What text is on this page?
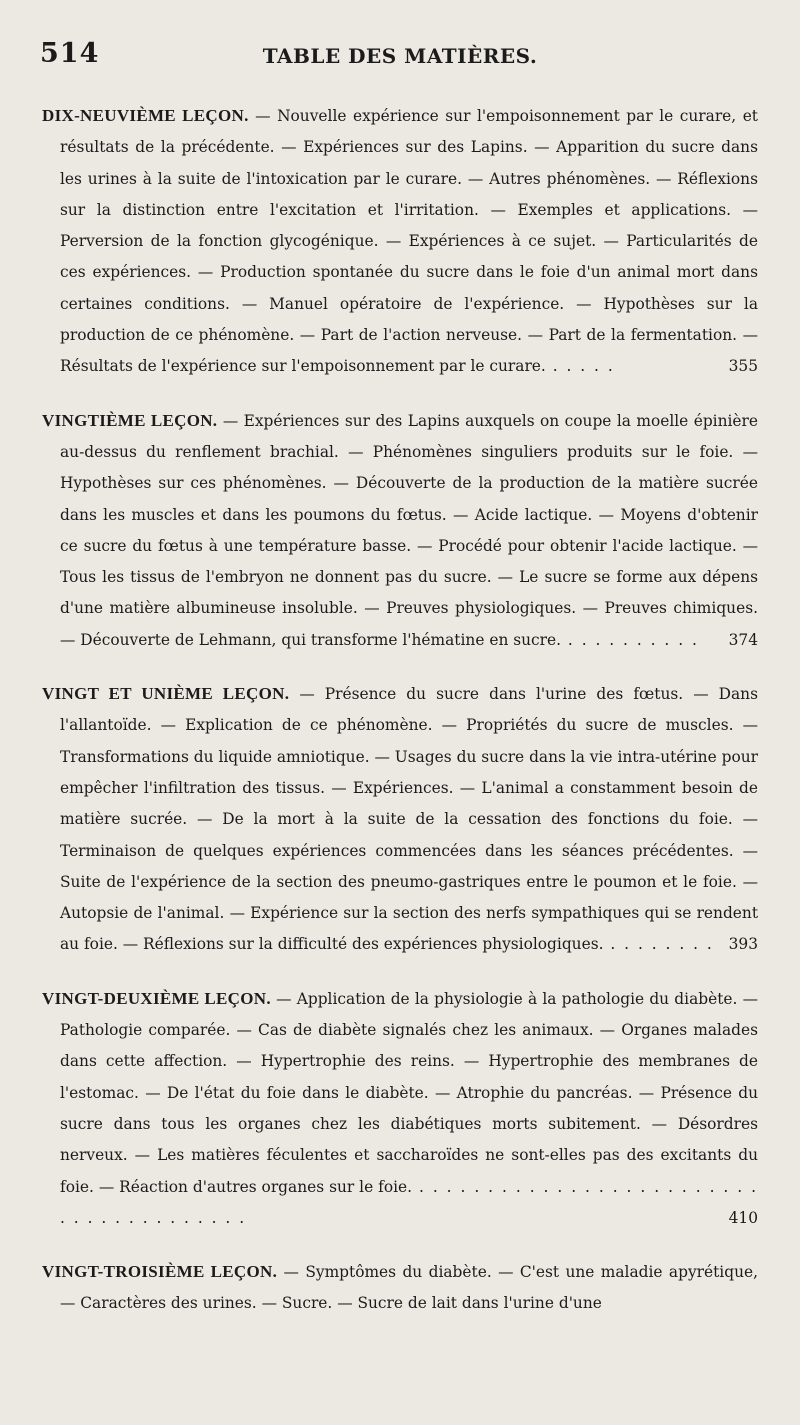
514	TABLE DES MATIÈRES.

DIX-NEUVIÈME LEÇON. — Nouvelle expérience sur l'empoisonnement par le curare, et résultats de la précédente. — Expériences sur des Lapins. — Apparition du sucre dans les urines à la suite de l'intoxication par le curare. — Autres phénomènes. — Réflexions sur la distinction entre l'excitation et l'irritation. — Exemples et applications. — Perversion de la fonction glycogénique. — Expériences à ce sujet. — Particularités de ces expériences. — Production spontanée du sucre dans le foie d'un animal mort dans certaines conditions. — Manuel opératoire de l'expérience. — Hypothèses sur la production de ce phénomène. — Part de l'action nerveuse. — Part de la fermentation. — Résultats de l'expérience sur l'empoisonnement par le curare. . . . . .	355

VINGTIÈME LEÇON. — Expériences sur des Lapins auxquels on coupe la moelle épinière au-dessus du renflement brachial. — Phénomènes singuliers produits sur le foie. — Hypothèses sur ces phénomènes. — Découverte de la production de la matière sucrée dans les muscles et dans les poumons du fœtus. — Acide lactique. — Moyens d'obtenir ce sucre du fœtus à une température basse. — Procédé pour obtenir l'acide lactique. — Tous les tissus de l'embryon ne donnent pas du sucre. — Le sucre se forme aux dépens d'une matière albumineuse insoluble. — Preuves physiologiques. — Preuves chimiques. — Découverte de Lehmann, qui transforme l'hématine en sucre. . . . . . . . . . . 374

VINGT ET UNIÈME LEÇON. — Présence du sucre dans l'urine des fœtus. — Dans l'allantoïde. — Explication de ce phénomène. — Propriétés du sucre de muscles. — Transformations du liquide amniotique. — Usages du sucre dans la vie intra-utérine pour empêcher l'infiltration des tissus. — Expériences. — L'animal a constamment besoin de matière sucrée. — De la mort à la suite de la cessation des fonctions du foie. — Terminaison de quelques expériences commencées dans les séances précédentes. — Suite de l'expérience de la section des pneumo-gastriques entre le poumon et le foie. — Autopsie de l'animal. — Expérience sur la section des nerfs sympathiques qui se rendent au foie. — Réflexions sur la difficulté des expériences physiologiques. . . . . . . . . 393

VINGT-DEUXIÈME LEÇON. — Application de la physiologie à la pathologie du diabète. — Pathologie comparée. — Cas de diabète signalés chez les animaux. — Organes malades dans cette affection. — Hypertrophie des reins. — Hypertrophie des membranes de l'estomac. — De l'état du foie dans le diabète. — Atrophie du pancréas. — Présence du sucre dans tous les organes chez les diabétiques morts subitement. — Désordres nerveux. — Les matières féculentes et saccharoïdes ne sont-elles pas des excitants du foie. — Réaction d'autres organes sur le foie. . . . . . . . . . . . . . . . . . . . . . . . . . . . . . . . . . . . . . . .	410

VINGT-TROISIÈME LEÇON. — Symptômes du diabète. — C'est une maladie apyrétique, — Caractères des urines. — Sucre. — Sucre de lait dans l'urine d'une
